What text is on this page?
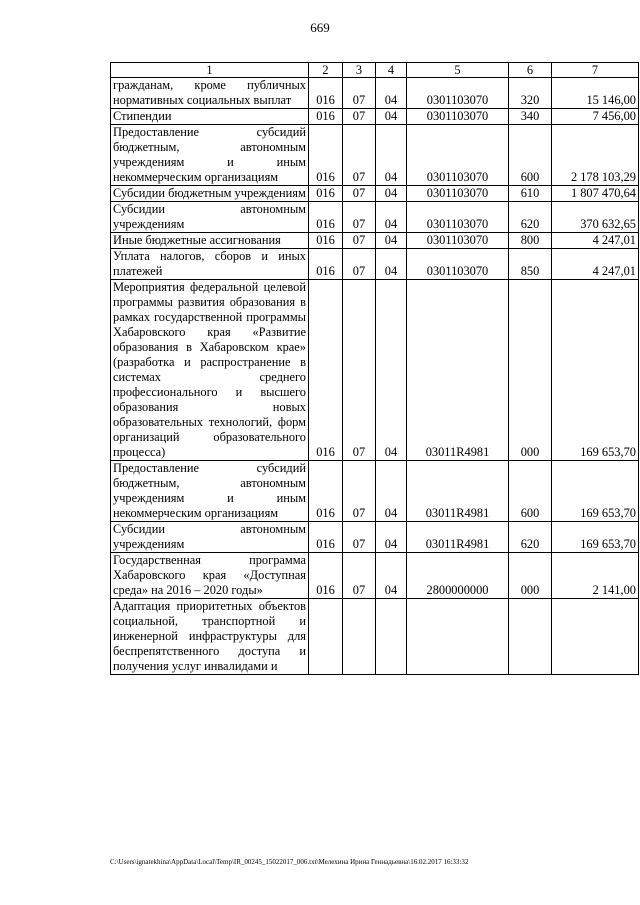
669
1	2	3	4	5	6	7
гражданам, кроме публичных нормативных социальных выплат	016	07	04	0301103070	320	15 146,00
Стипендии	016	07	04	0301103070	340	7 456,00
Предоставление субсидий бюджетным, автономным учреждениям и иным некоммерческим организациям	016	07	04	0301103070	600	2 178 103,29
Субсидии бюджетным учреждениям	016	07	04	0301103070	610	1 807 470,64
Субсидии автономным учреждениям	016	07	04	0301103070	620	370 632,65
Иные бюджетные ассигнования	016	07	04	0301103070	800	4 247,01
Уплата налогов, сборов и иных платежей	016	07	04	0301103070	850	4 247,01
Мероприятия федеральной целевой программы развития образования в рамках государственной программы Хабаровского края «Развитие образования в Хабаровском крае» (разработка и распространение в системах среднего профессионального и высшего образования новых образовательных технологий, форм организаций образовательного процесса)	016	07	04	03011R4981	000	169 653,70
Предоставление субсидий бюджетным, автономным учреждениям и иным некоммерческим организациям	016	07	04	03011R4981	600	169 653,70
Субсидии автономным учреждениям	016	07	04	03011R4981	620	169 653,70
Государственная программа Хабаровского края «Доступная среда» на 2016 – 2020 годы»	016	07	04	2800000000	000	2 141,00
Адаптация приоритетных объектов социальной, транспортной и инженерной инфраструктуры для беспрепятственного доступа и получения услуг инвалидами и						
C:\Users\ignatekhina\AppData\Local\Temp\IR_00245_15022017_006.txt\Мелехина Ирина Геннадьевна\16.02.2017 16:33:32
